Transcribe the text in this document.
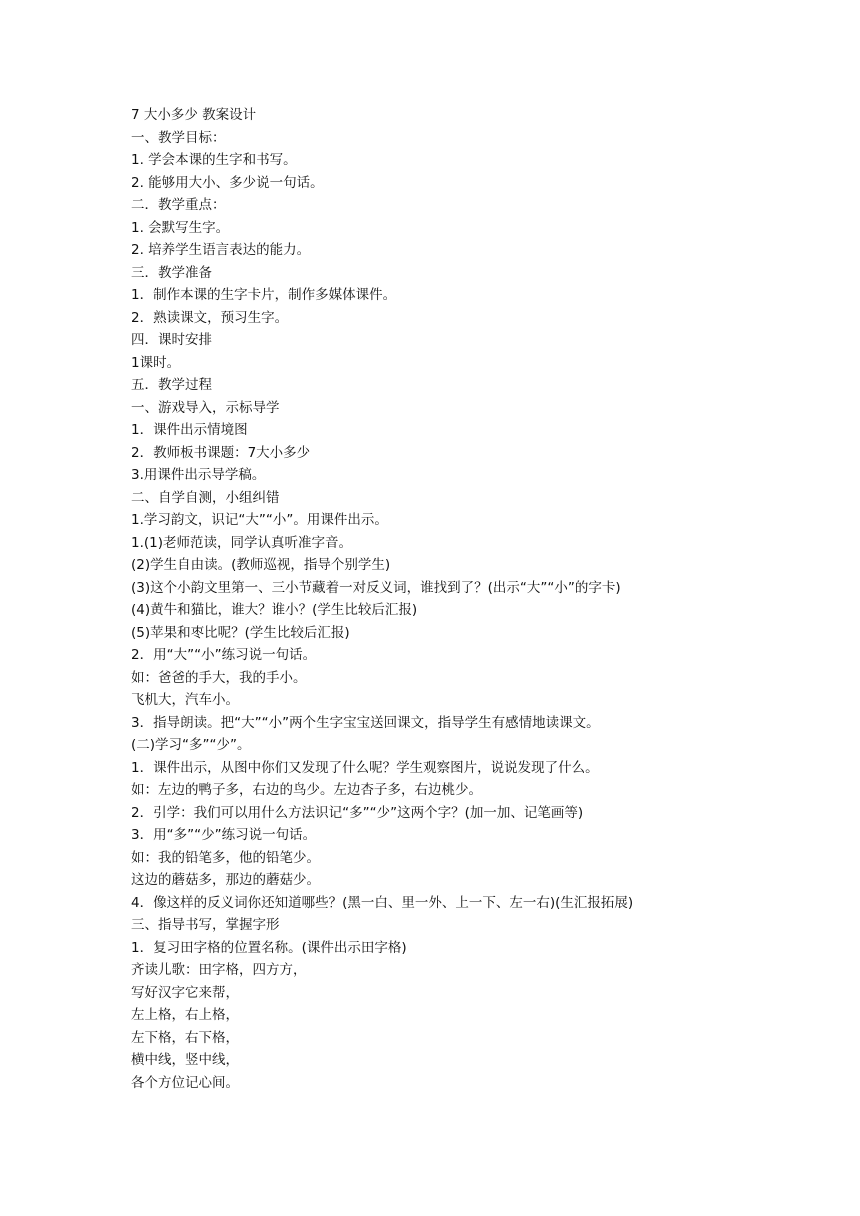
7 大小多少 教案设计
一、教学目标：
1. 学会本课的生字和书写。
2. 能够用大小、多少说一句话。
二．教学重点：
1. 会默写生字。
2. 培养学生语言表达的能力。
三．教学准备
1．制作本课的生字卡片，制作多媒体课件。
2．熟读课文，预习生字。
四．课时安排
1课时。
五．教学过程
一、游戏导入，示标导学
1．课件出示情境图
2．教师板书课题：7大小多少
3.用课件出示导学稿。
二、自学自测，小组纠错
1.学习韵文，识记“大”“小”。用课件出示。
1.(1)老师范读，同学认真听准字音。
(2)学生自由读。(教师巡视，指导个别学生)
(3)这个小韵文里第一、三小节藏着一对反义词，谁找到了？(出示“大”“小”的字卡)
(4)黄牛和猫比，谁大？谁小？(学生比较后汇报)
(5)苹果和枣比呢？(学生比较后汇报)
2．用“大”“小”练习说一句话。
如：爸爸的手大，我的手小。
飞机大，汽车小。
3．指导朗读。把“大”“小”两个生字宝宝送回课文，指导学生有感情地读课文。
(二)学习“多”“少”。
1．课件出示，从图中你们又发现了什么呢？学生观察图片，说说发现了什么。
如：左边的鸭子多，右边的鸟少。左边杏子多，右边桃少。
2．引学：我们可以用什么方法识记“多”“少”这两个字？(加一加、记笔画等)
3．用“多”“少”练习说一句话。
如：我的铅笔多，他的铅笔少。
这边的蘑菇多，那边的蘑菇少。
4．像这样的反义词你还知道哪些？(黑一白、里一外、上一下、左一右)(生汇报拓展)
三、指导书写，掌握字形
1．复习田字格的位置名称。(课件出示田字格)
齐读儿歌：田字格，四方方，
写好汉字它来帮，
左上格，右上格，
左下格，右下格，
横中线，竖中线，
各个方位记心间。
